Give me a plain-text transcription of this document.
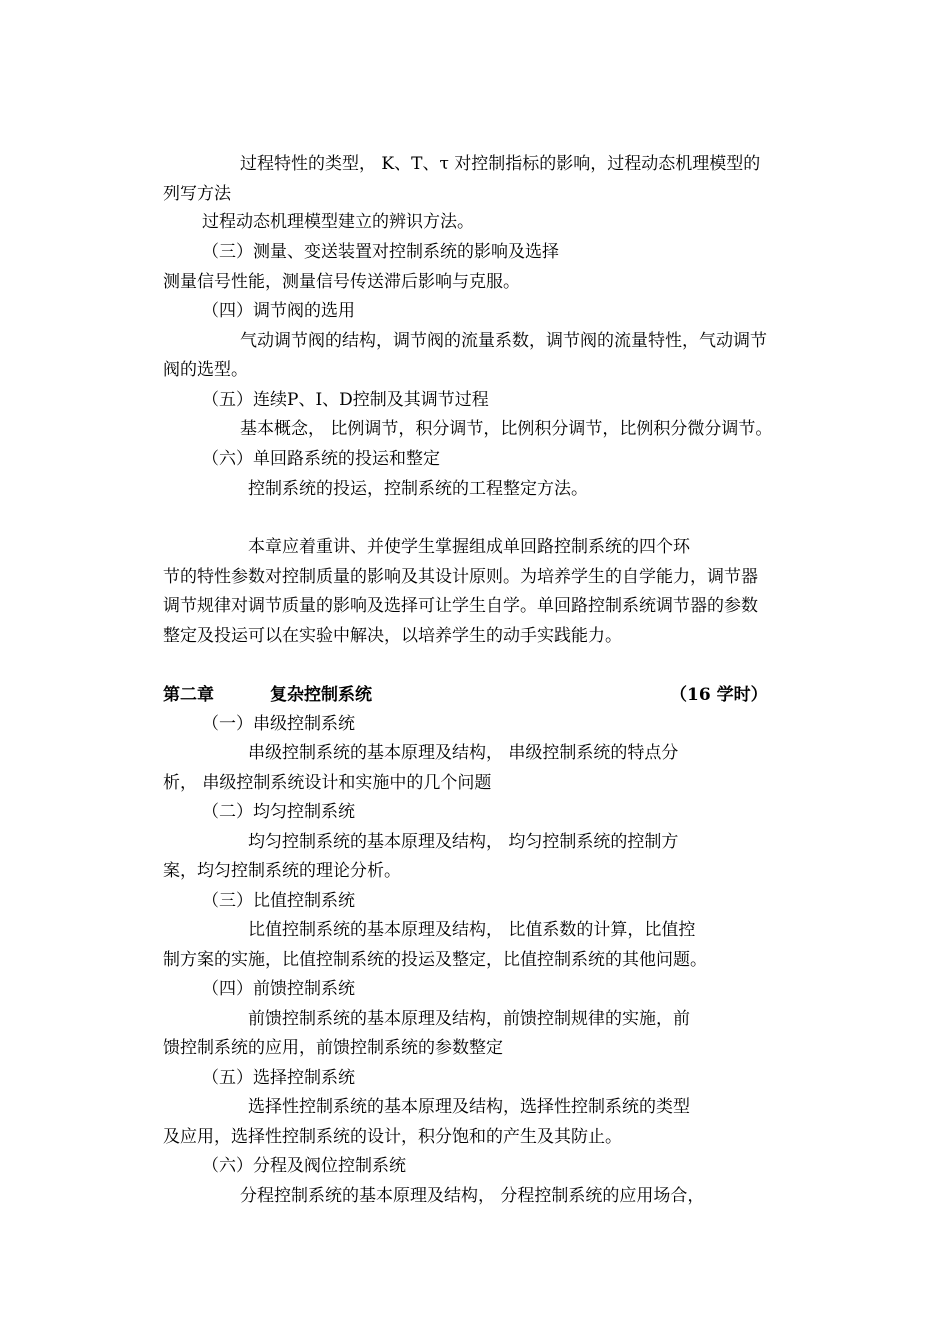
过程特性的类型， K、T、τ 对控制指标的影响，过程动态机理模型的

列写方法

过程动态机理模型建立的辨识方法。

（三）测量、变送装置对控制系统的影响及选择

测量信号性能，测量信号传送滞后影响与克服。

（四）调节阀的选用

气动调节阀的结构，调节阀的流量系数，调节阀的流量特性，气动调节

阀的选型。

（五）连续P、I、D控制及其调节过程

基本概念， 比例调节，积分调节，比例积分调节，比例积分微分调节。

（六）单回路系统的投运和整定

控制系统的投运，控制系统的工程整定方法。

本章应着重讲、并使学生掌握组成单回路控制系统的四个环

节的特性参数对控制质量的影响及其设计原则。为培养学生的自学能力，调节器

调节规律对调节质量的影响及选择可让学生自学。单回路控制系统调节器的参数

整定及投运可以在实验中解决，以培养学生的动手实践能力。

第二章	复杂控制系统	（16 学时）

（一）串级控制系统

串级控制系统的基本原理及结构， 串级控制系统的特点分

析， 串级控制系统设计和实施中的几个问题

（二）均匀控制系统

均匀控制系统的基本原理及结构， 均匀控制系统的控制方

案，均匀控制系统的理论分析。

（三）比值控制系统

比值控制系统的基本原理及结构， 比值系数的计算，比值控

制方案的实施，比值控制系统的投运及整定，比值控制系统的其他问题。

（四）前馈控制系统

前馈控制系统的基本原理及结构，前馈控制规律的实施，前

馈控制系统的应用，前馈控制系统的参数整定

（五）选择控制系统

选择性控制系统的基本原理及结构，选择性控制系统的类型

及应用，选择性控制系统的设计，积分饱和的产生及其防止。

（六）分程及阀位控制系统

分程控制系统的基本原理及结构， 分程控制系统的应用场合，
